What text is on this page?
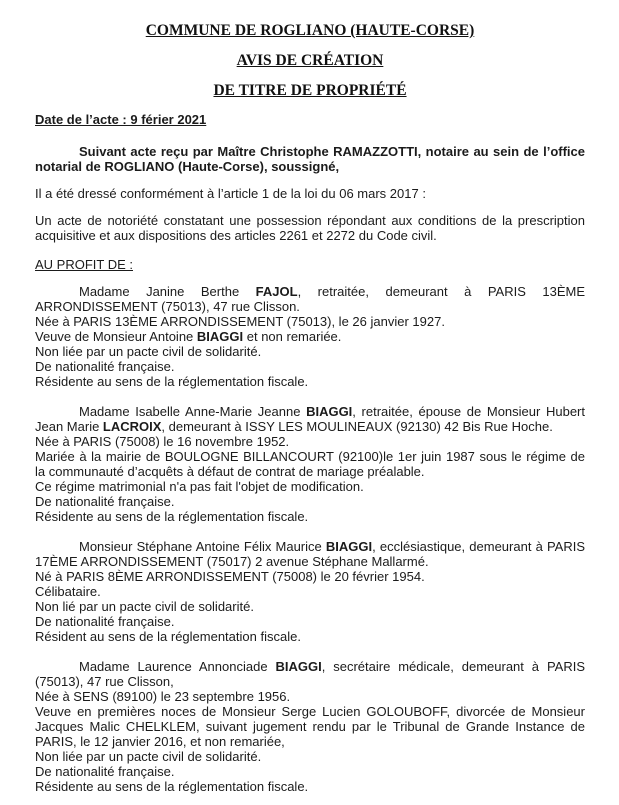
COMMUNE DE ROGLIANO (HAUTE-CORSE)
AVIS DE CRÉATION
DE TITRE DE PROPRIÉTÉ
Date de l’acte : 9 férier 2021

Suivant acte reçu par Maître Christophe RAMAZZOTTI, notaire au sein de l’office notarial de ROGLIANO (Haute-Corse), soussigné,

Il a été dressé conformément à l’article 1 de la loi du 06 mars 2017 :

Un acte de notoriété constatant une possession répondant aux conditions de la prescription acquisitive et aux dispositions des articles 2261 et 2272 du Code civil.

AU PROFIT DE :

Madame Janine Berthe FAJOL, retraitée, demeurant à PARIS 13ÈME ARRONDISSEMENT (75013), 47 rue Clisson.

Née à PARIS 13ÈME ARRONDISSEMENT (75013), le 26 janvier 1927.

Veuve de Monsieur Antoine BIAGGI et non remariée.

Non liée par un pacte civil de solidarité.

De nationalité française.

Résidente au sens de la réglementation fiscale.

Madame Isabelle Anne-Marie Jeanne BIAGGI, retraitée, épouse de Monsieur Hubert Jean Marie LACROIX, demeurant à ISSY LES MOULINEAUX (92130) 42 Bis Rue Hoche.

Née à PARIS (75008) le 16 novembre 1952.

Mariée à la mairie de BOULOGNE BILLANCOURT (92100)le 1er juin 1987 sous le régime de la communauté d’acquêts à défaut de contrat de mariage préalable.

Ce régime matrimonial n'a pas fait l'objet de modification.

De nationalité française.

Résidente au sens de la réglementation fiscale.

Monsieur Stéphane Antoine Félix Maurice BIAGGI, ecclésiastique, demeurant à PARIS 17ÈME ARRONDISSEMENT (75017) 2 avenue Stéphane Mallarmé.

Né à PARIS 8ÈME ARRONDISSEMENT (75008) le 20 février 1954.

Célibataire.

Non lié par un pacte civil de solidarité.

De nationalité française.

Résident au sens de la réglementation fiscale.

Madame Laurence Annonciade BIAGGI, secrétaire médicale, demeurant à PARIS (75013), 47 rue Clisson,

Née à SENS (89100) le 23 septembre 1956.

Veuve en premières noces de Monsieur Serge Lucien GOLOUBOFF, divorcée de Monsieur Jacques Malic CHELKLEM, suivant jugement rendu par le Tribunal de Grande Instance de PARIS, le 12 janvier 2016, et non remariée,

Non liée par un pacte civil de solidarité.

De nationalité française.

Résidente au sens de la réglementation fiscale.
